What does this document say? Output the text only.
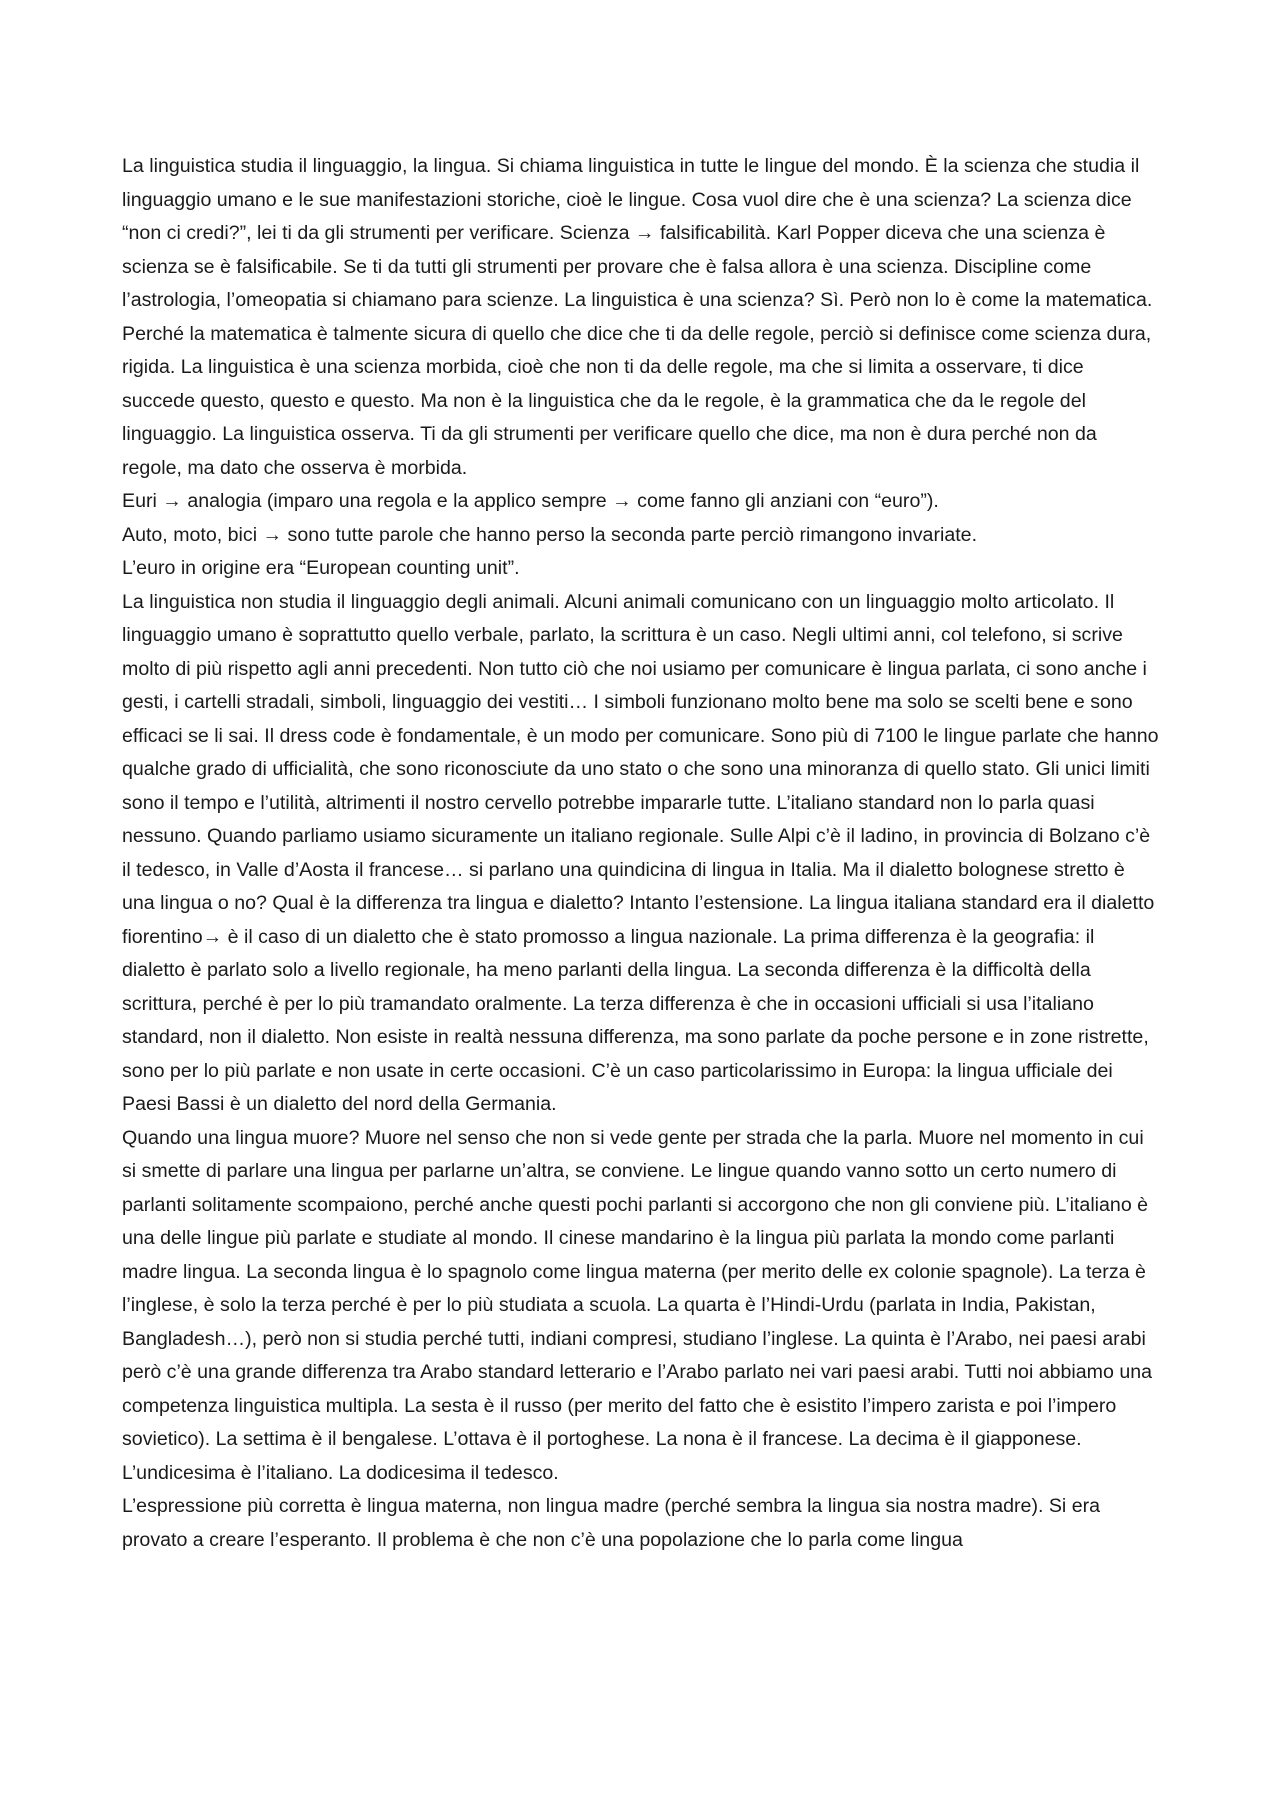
La linguistica studia il linguaggio, la lingua. Si chiama linguistica in tutte le lingue del mondo. È la scienza che studia il linguaggio umano e le sue manifestazioni storiche, cioè le lingue. Cosa vuol dire che è una scienza? La scienza dice “non ci credi?”, lei ti da gli strumenti per verificare. Scienza → falsificabilità. Karl Popper diceva che una scienza è scienza se è falsificabile. Se ti da tutti gli strumenti per provare che è falsa allora è una scienza. Discipline come l’astrologia, l’omeopatia si chiamano para scienze. La linguistica è una scienza? Sì. Però non lo è come la matematica. Perché la matematica è talmente sicura di quello che dice che ti da delle regole, perciò si definisce come scienza dura, rigida. La linguistica è una scienza morbida, cioè che non ti da delle regole, ma che si limita a osservare, ti dice succede questo, questo e questo. Ma non è la linguistica che da le regole, è la grammatica che da le regole del linguaggio. La linguistica osserva. Ti da gli strumenti per verificare quello che dice, ma non è dura perché non da regole, ma dato che osserva è morbida.

Euri → analogia (imparo una regola e la applico sempre → come fanno gli anziani con “euro”).

Auto, moto, bici → sono tutte parole che hanno perso la seconda parte perciò rimangono invariate.

L’euro in origine era “European counting unit”.

La linguistica non studia il linguaggio degli animali. Alcuni animali comunicano con un linguaggio molto articolato. Il linguaggio umano è soprattutto quello verbale, parlato, la scrittura è un caso. Negli ultimi anni, col telefono, si scrive molto di più rispetto agli anni precedenti. Non tutto ciò che noi usiamo per comunicare è lingua parlata, ci sono anche i gesti, i cartelli stradali, simboli, linguaggio dei vestiti… I simboli funzionano molto bene ma solo se scelti bene e sono efficaci se li sai. Il dress code è fondamentale, è un modo per comunicare. Sono più di 7100 le lingue parlate che hanno qualche grado di ufficialità, che sono riconosciute da uno stato o che sono una minoranza di quello stato. Gli unici limiti sono il tempo e l’utilità, altrimenti il nostro cervello potrebbe impararle tutte. L’italiano standard non lo parla quasi nessuno. Quando parliamo usiamo sicuramente un italiano regionale. Sulle Alpi c’è il ladino, in provincia di Bolzano c’è il tedesco, in Valle d’Aosta il francese… si parlano una quindicina di lingua in Italia. Ma il dialetto bolognese stretto è una lingua o no? Qual è la differenza tra lingua e dialetto? Intanto l’estensione. La lingua italiana standard era il dialetto fiorentino→ è il caso di un dialetto che è stato promosso a lingua nazionale. La prima differenza è la geografia: il dialetto è parlato solo a livello regionale, ha meno parlanti della lingua. La seconda differenza è la difficoltà della scrittura, perché è per lo più tramandato oralmente. La terza differenza è che in occasioni ufficiali si usa l’italiano standard, non il dialetto. Non esiste in realtà nessuna differenza, ma sono parlate da poche persone e in zone ristrette, sono per lo più parlate e non usate in certe occasioni. C’è un caso particolarissimo in Europa: la lingua ufficiale dei Paesi Bassi è un dialetto del nord della Germania.

Quando una lingua muore? Muore nel senso che non si vede gente per strada che la parla. Muore nel momento in cui si smette di parlare una lingua per parlarne un’altra, se conviene. Le lingue quando vanno sotto un certo numero di parlanti solitamente scompaiono, perché anche questi pochi parlanti si accorgono che non gli conviene più. L’italiano è una delle lingue più parlate e studiate al mondo. Il cinese mandarino è la lingua più parlata la mondo come parlanti madre lingua. La seconda lingua è lo spagnolo come lingua materna (per merito delle ex colonie spagnole). La terza è l’inglese, è solo la terza perché è per lo più studiata a scuola. La quarta è l’Hindi-Urdu (parlata in India, Pakistan, Bangladesh…), però non si studia perché tutti, indiani compresi, studiano l’inglese. La quinta è l’Arabo, nei paesi arabi però c’è una grande differenza tra Arabo standard letterario e l’Arabo parlato nei vari paesi arabi. Tutti noi abbiamo una competenza linguistica multipla. La sesta è il russo (per merito del fatto che è esistito l’impero zarista e poi l’impero sovietico). La settima è il bengalese. L’ottava è il portoghese. La nona è il francese. La decima è il giapponese. L’undicesima è l’italiano. La dodicesima il tedesco.

L’espressione più corretta è lingua materna, non lingua madre (perché sembra la lingua sia nostra madre). Si era provato a creare l’esperanto. Il problema è che non c’è una popolazione che lo parla come lingua
